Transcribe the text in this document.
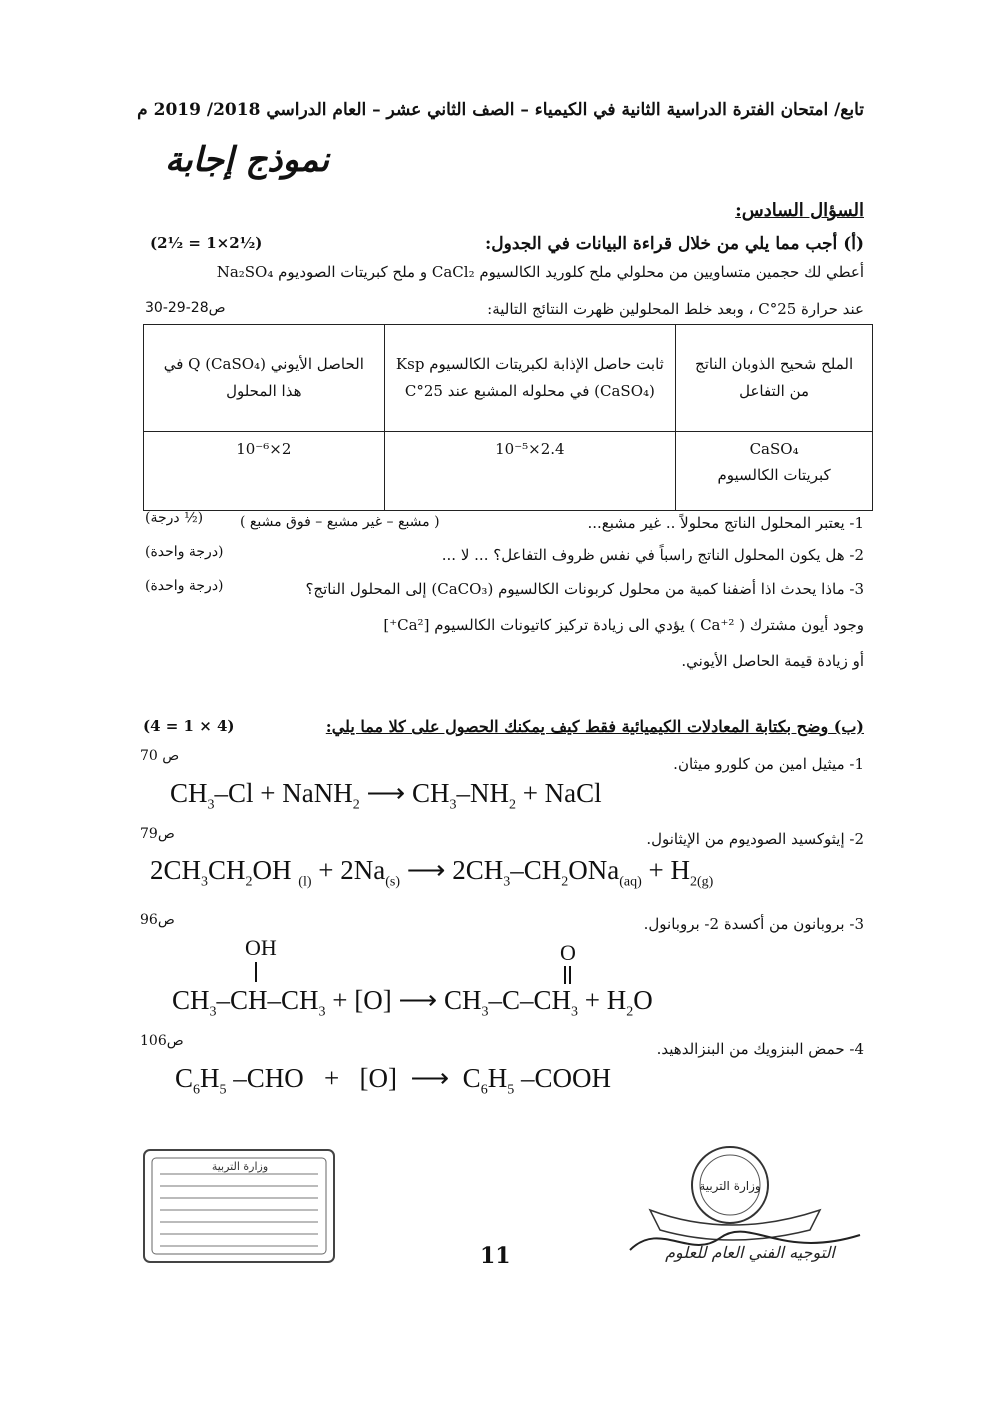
تابع/ امتحان الفترة الدراسية الثانية في الكيمياء – الصف الثاني عشر – العام الدراسي 2018/ 2019 م
نموذج إجابة
السؤال السادس:
(أ) أجب مما يلي من خلال قراءة البيانات في الجدول:
(2½ = 1×2½)
أعطي لك حجمين متساويين من محلولي ملح كلوريد الكالسيوم CaCl₂ و ملح كبريتات الصوديوم Na₂SO₄
عند حرارة 25°C ، وبعد خلط المحلولين ظهرت النتائج التالية:
ص28-29-30
الملح شحيح الذوبان الناتج من التفاعل	ثابت حاصل الإذابة لكبريتات الكالسيوم Ksp (CaSO₄) في محلوله المشبع عند 25°C	الحاصل الأيوني Q (CaSO₄) في هذا المحلول

CaSO₄
كبريتات الكالسيوم	2.4×10⁻⁵	2×10⁻⁶
1- يعتبر المحلول الناتج محلولاً .. غير مشبع...
( مشبع – غير مشبع – فوق مشبع )
(½ درجة)
2- هل يكون المحلول الناتج راسباً في نفس ظروف التفاعل؟ ... لا ...
(درجة واحدة)
3- ماذا يحدث اذا أضفنا كمية من محلول كربونات الكالسيوم (CaCO₃) إلى المحلول الناتج؟
(درجة واحدة)
وجود أيون مشترك ( Ca⁺² ) يؤدي الى زيادة تركيز كاتيونات الكالسيوم [Ca²⁺]
أو زيادة قيمة الحاصل الأيوني.
(ب) وضح بكتابة المعادلات الكيميائية فقط كيف يمكنك الحصول على كلا مما يلي:
(4 = 1 × 4)
1- ميثيل امين من كلورو ميثان.
ص 70
$CH_3-Cl$ + NaNH$_2$ ⟶ $CH_3-NH_2$ + NaCl
2- إيثوكسيد الصوديوم من الإيثانول.
ص79
$2CH_3CH_2OH$ $_{(l)} + 2Na_{(s)}$ ⟶ $2CH_3-CH_2ONa_{(aq)} + H_{2(g)}$
3- بروبانون من أكسدة 2- بروبانول.
ص96
OH	O
$CH_3-CH-CH_3 + [O]$ ⟶ $CH_3-C-CH_3 + H_2O$
4- حمض البنزويك من البنزالدهيد.
ص106
$C_6H_5$ –CHO   +   [O]  ⟶  $C_6H_5$ –COOH
وزارة التربية
11
وزارة التربية
التوجيه الفني العام للعلوم
